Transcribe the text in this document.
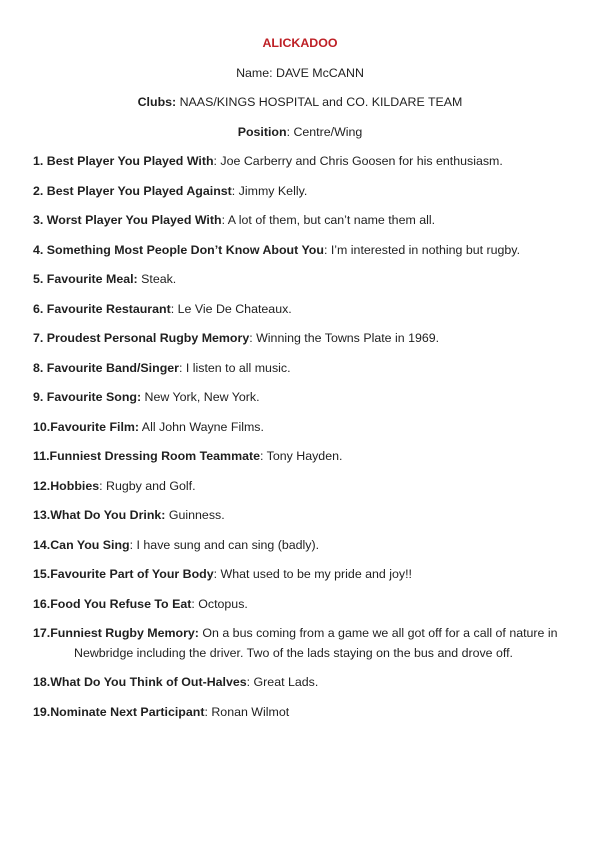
ALICKADOO

Name: DAVE McCANN

Clubs: NAAS/KINGS HOSPITAL and CO. KILDARE TEAM

Position: Centre/Wing

1. Best Player You Played With: Joe Carberry and Chris Goosen for his enthusiasm.

2. Best Player You Played Against: Jimmy Kelly.

3. Worst Player You Played With: A lot of them, but can’t name them all.

4. Something Most People Don’t Know About You: I’m interested in nothing but rugby.

5. Favourite Meal: Steak.

6. Favourite Restaurant: Le Vie De Chateaux.

7. Proudest Personal Rugby Memory: Winning the Towns Plate in 1969.

8. Favourite Band/Singer: I listen to all music.

9. Favourite Song: New York, New York.

10.Favourite Film: All John Wayne Films.

11.Funniest Dressing Room Teammate: Tony Hayden.

12.Hobbies: Rugby and Golf.

13.What Do You Drink: Guinness.

14.Can You Sing: I have sung and can sing (badly).

15.Favourite Part of Your Body: What used to be my pride and joy!!

16.Food You Refuse To Eat: Octopus.

17.Funniest Rugby Memory: On a bus coming from a game we all got off for a call of nature in Newbridge including the driver. Two of the lads staying on the bus and drove off.

18.What Do You Think of Out-Halves: Great Lads.

19.Nominate Next Participant: Ronan Wilmot
